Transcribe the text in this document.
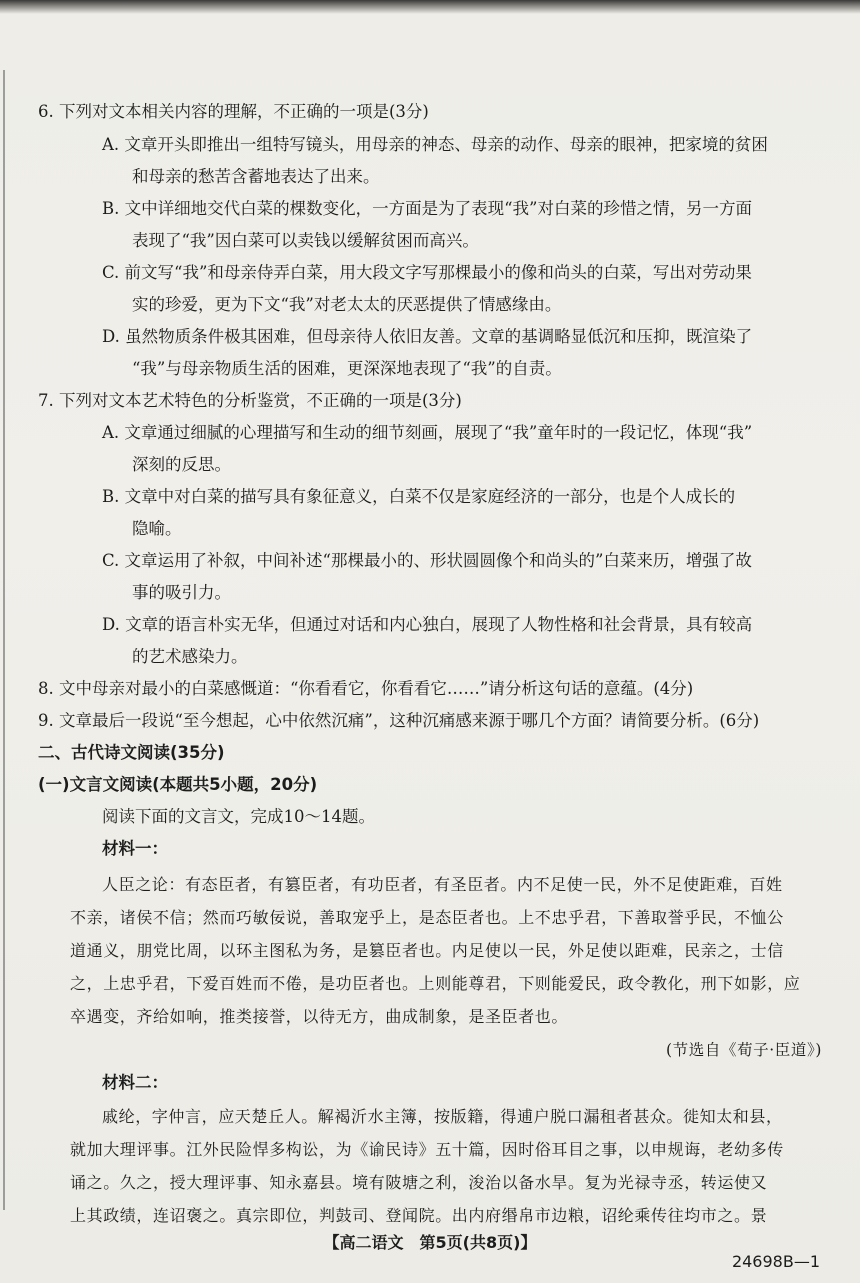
6. 下列对文本相关内容的理解，不正确的一项是(3分)
A. 文章开头即推出一组特写镜头，用母亲的神态、母亲的动作、母亲的眼神，把家境的贫困
和母亲的愁苦含蓄地表达了出来。
B. 文中详细地交代白菜的棵数变化，一方面是为了表现“我”对白菜的珍惜之情，另一方面
表现了“我”因白菜可以卖钱以缓解贫困而高兴。
C. 前文写“我”和母亲侍弄白菜，用大段文字写那棵最小的像和尚头的白菜，写出对劳动果
实的珍爱，更为下文“我”对老太太的厌恶提供了情感缘由。
D. 虽然物质条件极其困难，但母亲待人依旧友善。文章的基调略显低沉和压抑，既渲染了
“我”与母亲物质生活的困难，更深深地表现了“我”的自责。
7. 下列对文本艺术特色的分析鉴赏，不正确的一项是(3分)
A. 文章通过细腻的心理描写和生动的细节刻画，展现了“我”童年时的一段记忆，体现“我”
深刻的反思。
B. 文章中对白菜的描写具有象征意义，白菜不仅是家庭经济的一部分，也是个人成长的
隐喻。
C. 文章运用了补叙，中间补述“那棵最小的、形状圆圆像个和尚头的”白菜来历，增强了故
事的吸引力。
D. 文章的语言朴实无华，但通过对话和内心独白，展现了人物性格和社会背景，具有较高
的艺术感染力。
8. 文中母亲对最小的白菜感慨道：“你看看它，你看看它……”请分析这句话的意蕴。(4分)
9. 文章最后一段说“至今想起，心中依然沉痛”，这种沉痛感来源于哪几个方面？请简要分析。(6分)
二、古代诗文阅读(35分)
(一)文言文阅读(本题共5小题，20分)
阅读下面的文言文，完成10～14题。
材料一：
人臣之论：有态臣者，有篡臣者，有功臣者，有圣臣者。内不足使一民，外不足使距难，百姓
不亲，诸侯不信；然而巧敏佞说，善取宠乎上，是态臣者也。上不忠乎君，下善取誉乎民，不恤公
道通义，朋党比周，以环主图私为务，是篡臣者也。内足使以一民，外足使以距难，民亲之，士信
之，上忠乎君，下爱百姓而不倦，是功臣者也。上则能尊君，下则能爱民，政令教化，刑下如影，应
卒遇变，齐给如响，推类接誉，以待无方，曲成制象，是圣臣者也。
(节选自《荀子·臣道》)
材料二：
戚纶，字仲言，应天楚丘人。解褐沂水主簿，按版籍，得逋户脱口漏租者甚众。徙知太和县，
就加大理评事。江外民险悍多构讼，为《谕民诗》五十篇，因时俗耳目之事，以申规诲，老幼多传
诵之。久之，授大理评事、知永嘉县。境有陂塘之利，浚治以备水旱。复为光禄寺丞，转运使又
上其政绩，连诏褒之。真宗即位，判鼓司、登闻院。出内府缗帛市边粮，诏纶乘传往均市之。景
【高二语文　第5页(共8页)】
24698B—1
